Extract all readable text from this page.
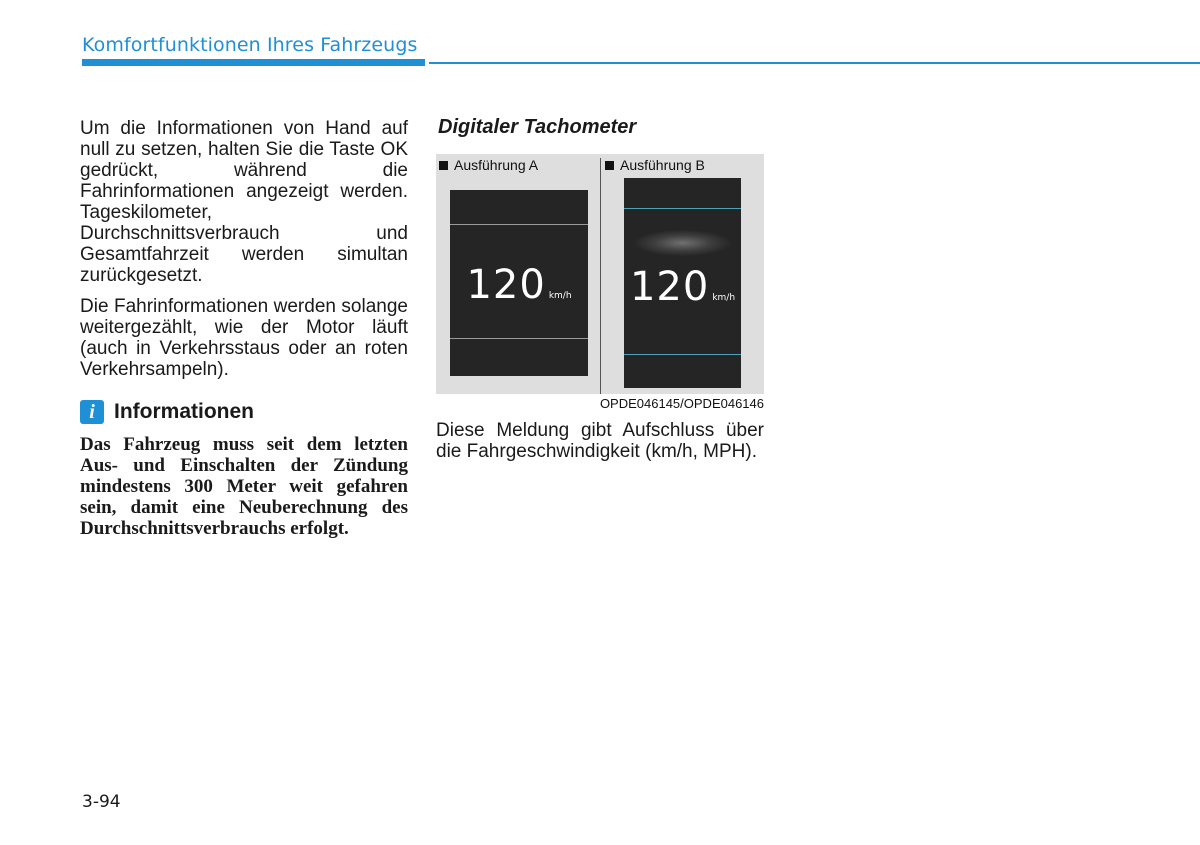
Komfortfunktionen Ihres Fahrzeugs

Um die Informationen von Hand auf null zu setzen, halten Sie die Taste OK gedrückt, während die Fahrinformationen angezeigt werden. Tageskilometer, Durchschnittsverbrauch und Gesamtfahrzeit werden simultan zurückgesetzt.

Die Fahrinformationen werden solange weitergezählt, wie der Motor läuft (auch in Verkehrsstaus oder an roten Verkehrsampeln).

i Informationen
Das Fahrzeug muss seit dem letzten Aus- und Einschalten der Zündung mindestens 300 Meter weit gefahren sein, damit eine Neuberechnung des Durchschnittsverbrauchs erfolgt.
Digitaler Tachometer
Ausführung A	Ausführung B
120 km/h 120 km/h
OPDE046145/OPDE046146

Diese Meldung gibt Aufschluss über die Fahrgeschwindigkeit (km/h, MPH).

3-94
